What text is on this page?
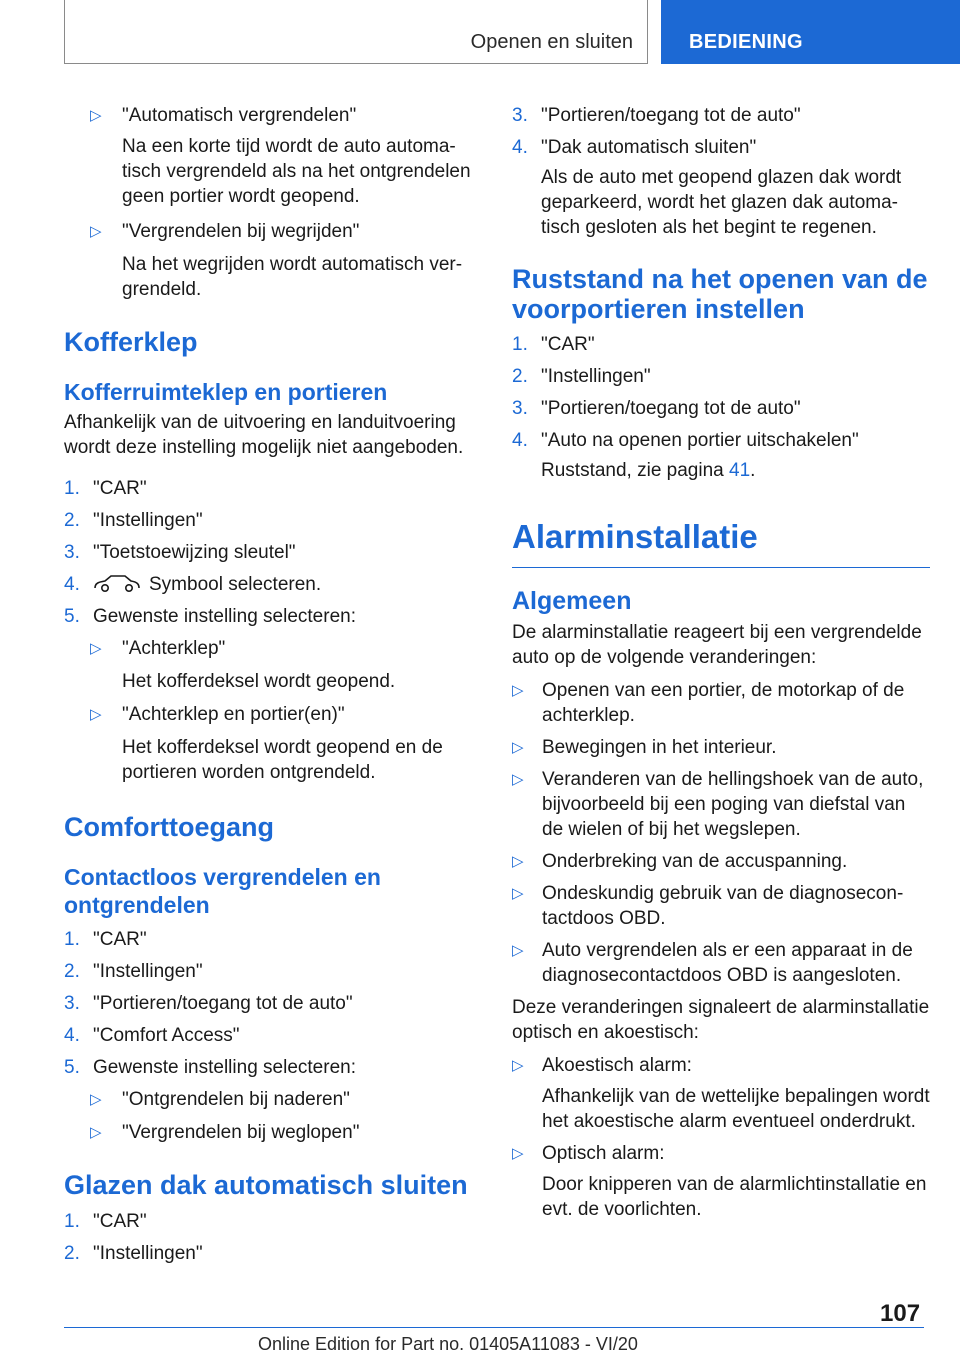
Openen en sluiten	BEDIENING
▷ "Automatisch vergrendelen"

Na een korte tijd wordt de auto automatisch vergrendeld als na het ontgrendelen geen portier wordt geopend.

▷ "Vergrendelen bij wegrijden"

Na het wegrijden wordt automatisch vergrendeld.

Kofferklep
Kofferruimteklep en portieren

Afhankelijk van de uitvoering en landuitvoering wordt deze instelling mogelijk niet aangeboden.

1. "CAR"
2. "Instellingen"
3. "Toetstoewijzing sleutel"
4.	Symbool selecteren.
5. Gewenste instelling selecteren:
▷ "Achterklep"

Het kofferdeksel wordt geopend.

▷ "Achterklep en portier(en)"

Het kofferdeksel wordt geopend en de portieren worden ontgrendeld.

Comforttoegang
Contactloos vergrendelen en ontgrendelen
1. "CAR"
2. "Instellingen"
3. "Portieren/toegang tot de auto"
4. "Comfort Access"
5. Gewenste instelling selecteren:
▷ "Ontgrendelen bij naderen"
▷ "Vergrendelen bij weglopen"
Glazen dak automatisch sluiten
1. "CAR"
2. "Instellingen"
3. "Portieren/toegang tot de auto"
4. "Dak automatisch sluiten"

Als de auto met geopend glazen dak wordt geparkeerd, wordt het glazen dak automatisch gesloten als het begint te regenen.

Ruststand na het openen van de voorportieren instellen
1. "CAR"
2. "Instellingen"
3. "Portieren/toegang tot de auto"
4. "Auto na openen portier uitschakelen"

Ruststand, zie pagina 41.

Alarminstallatie
Algemeen

De alarminstallatie reageert bij een vergrendelde auto op de volgende veranderingen:

▷ Openen van een portier, de motorkap of de achterklep.
▷ Bewegingen in het interieur.
▷ Veranderen van de hellingshoek van de auto, bijvoorbeeld bij een poging van diefstal van de wielen of bij het wegslepen.
▷ Onderbreking van de accuspanning.
▷ Ondeskundig gebruik van de diagnosecontactdoos OBD.
▷ Auto vergrendelen als er een apparaat in de diagnosecontactdoos OBD is aangesloten.

Deze veranderingen signaleert de alarminstallatie optisch en akoestisch:

▷ Akoestisch alarm:

Afhankelijk van de wettelijke bepalingen wordt het akoestische alarm eventueel onderdrukt.

▷ Optisch alarm:

Door knipperen van de alarmlichtinstallatie en evt. de voorlichten.

107
Online Edition for Part no. 01405A11083 - VI/20
